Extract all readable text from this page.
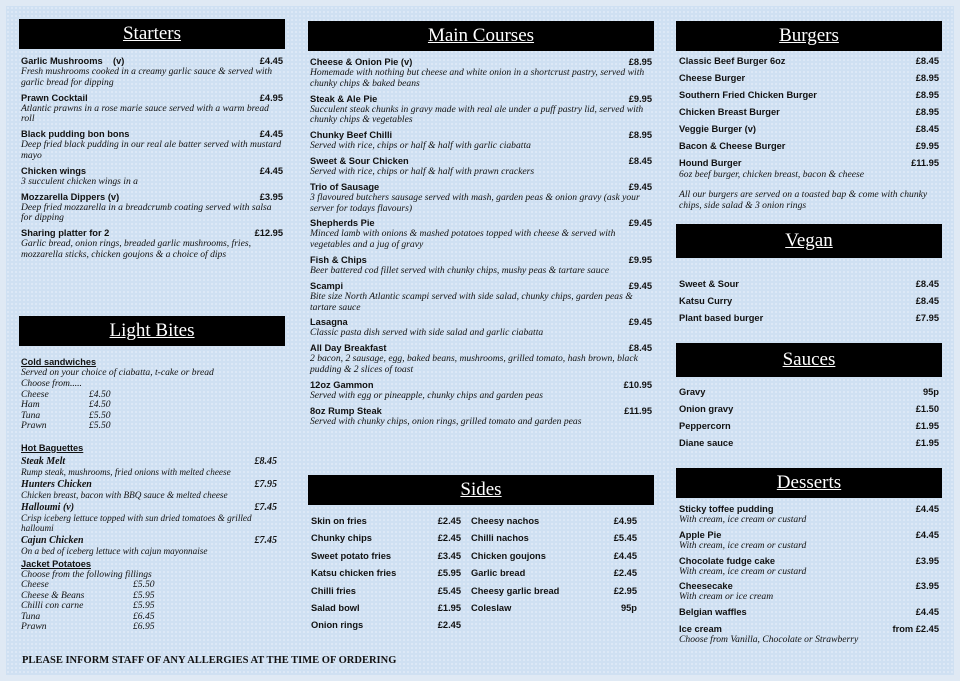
Starters
Garlic Mushrooms (v)	£4.45
Fresh mushrooms cooked in a creamy garlic sauce & served with garlic bread for dipping
Prawn Cocktail	£4.95
Atlantic prawns in a rose marie sauce served with a warm bread roll
Black pudding bon bons	£4.45
Deep fried black pudding in our real ale batter served with mustard mayo
Chicken wings	£4.45
3 succulent chicken wings in a
Mozzarella Dippers (v)	£3.95
Deep fried mozzarella in a breadcrumb coating served with salsa for dipping
Sharing platter for 2	£12.95
Garlic bread, onion rings, breaded garlic mushrooms, fries, mozzarella sticks, chicken goujons & a choice of dips
Light Bites
Cold sandwiches
Served on your choice of ciabatta, t-cake or bread
Choose from.....
Cheese	£4.50
Ham	£4.50
Tuna	£5.50
Prawn	£5.50
Hot Baguettes
Steak Melt	£8.45
Rump steak, mushrooms, fried onions with melted cheese
Hunters Chicken	£7.95
Chicken breast, bacon with BBQ sauce & melted cheese
Halloumi (v)	£7.45
Crisp iceberg lettuce topped with sun dried tomatoes & grilled halloumi
Cajun Chicken	£7.45
On a bed of iceberg lettuce with cajun mayonnaise
Jacket Potatoes
Choose from the following fillings
Cheese	£5.50
Cheese & Beans	£5.95
Chilli con carne	£5.95
Tuna	£6.45
Prawn	£6.95
Main Courses
Cheese & Onion Pie (v)	£8.95
Homemade with nothing but cheese and white onion in a shortcrust pastry, served with chunky chips & baked beans
Steak & Ale Pie	£9.95
Succulent steak chunks in gravy made with real ale under a puff pastry lid, served with chunky chips & vegetables
Chunky Beef Chilli	£8.95
Served with rice, chips or half & half with garlic ciabatta
Sweet & Sour Chicken	£8.45
Served with rice, chips or half & half with prawn crackers
Trio of Sausage	£9.45
3 flavoured butchers sausage served with mash, garden peas & onion gravy (ask your server for todays flavours)
Shepherds Pie	£9.45
Minced lamb with onions & mashed potatoes topped with cheese & served with vegetables and a jug of gravy
Fish & Chips	£9.95
Beer battered cod fillet served with chunky chips, mushy peas & tartare sauce
Scampi	£9.45
Bite size North Atlantic scampi served with side salad, chunky chips, garden peas & tartare sauce
Lasagna	£9.45
Classic pasta dish served with side salad and garlic ciabatta
All Day Breakfast	£8.45
2 bacon, 2 sausage, egg, baked beans, mushrooms, grilled tomato, hash brown, black pudding & 2 slices of toast
12oz Gammon	£10.95
Served with egg or pineapple, chunky chips and garden peas
8oz Rump Steak	£11.95
Served with chunky chips, onion rings, grilled tomato and garden peas
Sides
Skin on fries	£2.45 Cheesy nachos	£4.95
Chunky chips	£2.45 Chilli nachos	£5.45
Sweet potato fries	£3.45 Chicken goujons	£4.45
Katsu chicken fries	£5.95 Garlic bread	£2.45
Chilli fries	£5.45 Cheesy garlic bread	£2.95
Salad bowl	£1.95 Coleslaw	95p
Onion rings	£2.45
Burgers
Classic Beef Burger 6oz	£8.45
Cheese Burger	£8.95
Southern Fried Chicken Burger	£8.95
Chicken Breast Burger	£8.95
Veggie Burger (v)	£8.45
Bacon & Cheese Burger	£9.95
Hound Burger	£11.95
6oz beef burger, chicken breast, bacon & cheese
All our burgers are served on a toasted bap & come with chunky chips, side salad & 3 onion rings
Vegan
Sweet & Sour	£8.45
Katsu Curry	£8.45
Plant based burger	£7.95
Sauces
Gravy	95p
Onion gravy	£1.50
Peppercorn	£1.95
Diane sauce	£1.95
Desserts
Sticky toffee pudding	£4.45
With cream, ice cream or custard
Apple Pie	£4.45
With cream, ice cream or custard
Chocolate fudge cake	£3.95
With cream, ice cream or custard
Cheesecake	£3.95
With cream or ice cream
Belgian waffles	£4.45
Ice cream	from £2.45
Choose from Vanilla, Chocolate or Strawberry
PLEASE INFORM STAFF OF ANY ALLERGIES AT THE TIME OF ORDERING
